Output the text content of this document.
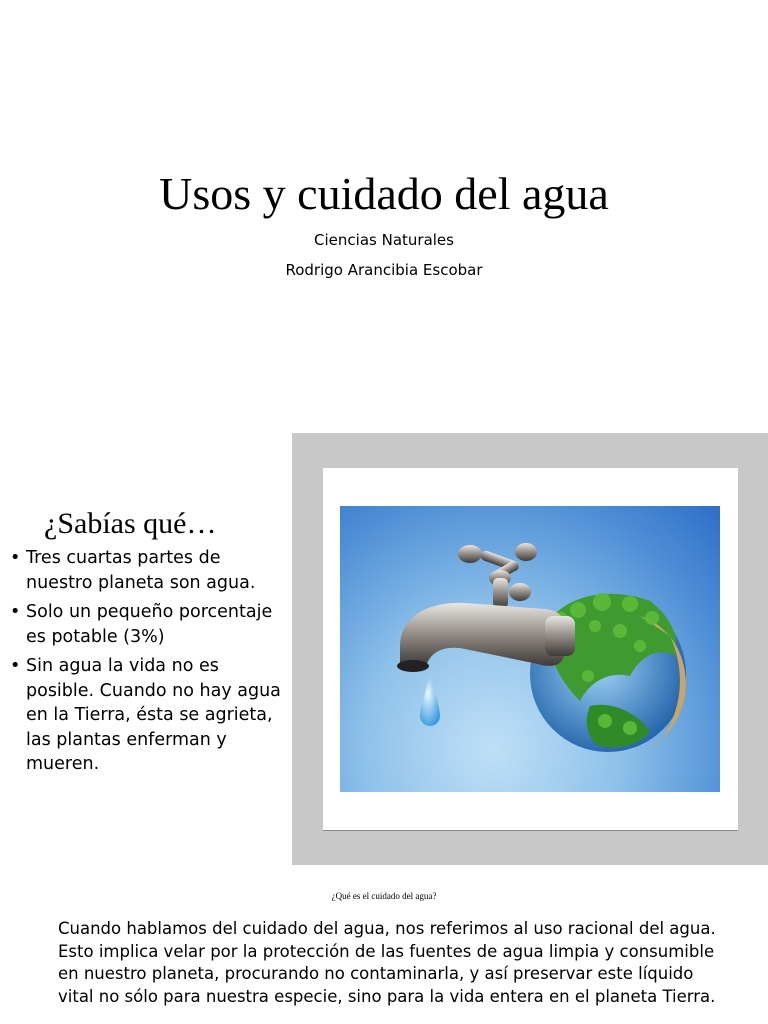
Usos y cuidado del agua
Ciencias Naturales
Rodrigo Arancibia Escobar
¿Sabías qué…
• Tres cuartas partes de nuestro planeta son agua.
• Solo un pequeño porcentaje es potable (3%)
• Sin agua la vida no es posible. Cuando no hay agua en la Tierra, ésta se agrieta, las plantas enferman y mueren.
¿Qué es el cuidado del agua?

Cuando hablamos del cuidado del agua, nos referimos al uso racional del agua. Esto implica velar por la protección de las fuentes de agua limpia y consumible en nuestro planeta, procurando no contaminarla, y así preservar este líquido vital no sólo para nuestra especie, sino para la vida entera en el planeta Tierra.
